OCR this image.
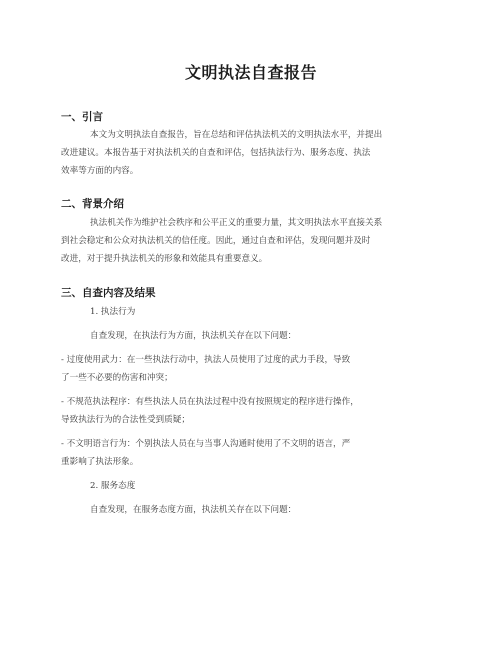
文明执法自查报告
一、引言
本文为文明执法自查报告，旨在总结和评估执法机关的文明执法水平，并提出
改进建议。本报告基于对执法机关的自查和评估，包括执法行为、服务态度、执法
效率等方面的内容。
二、背景介绍
执法机关作为维护社会秩序和公平正义的重要力量，其文明执法水平直接关系
到社会稳定和公众对执法机关的信任度。因此，通过自查和评估，发现问题并及时
改进，对于提升执法机关的形象和效能具有重要意义。
三、自查内容及结果
1. 执法行为
自查发现，在执法行为方面，执法机关存在以下问题：
- 过度使用武力：在一些执法行动中，执法人员使用了过度的武力手段，导致
了一些不必要的伤害和冲突；
- 不规范执法程序：有些执法人员在执法过程中没有按照规定的程序进行操作，
导致执法行为的合法性受到质疑；
- 不文明语言行为：个别执法人员在与当事人沟通时使用了不文明的语言，严
重影响了执法形象。
2. 服务态度
自查发现，在服务态度方面，执法机关存在以下问题：
